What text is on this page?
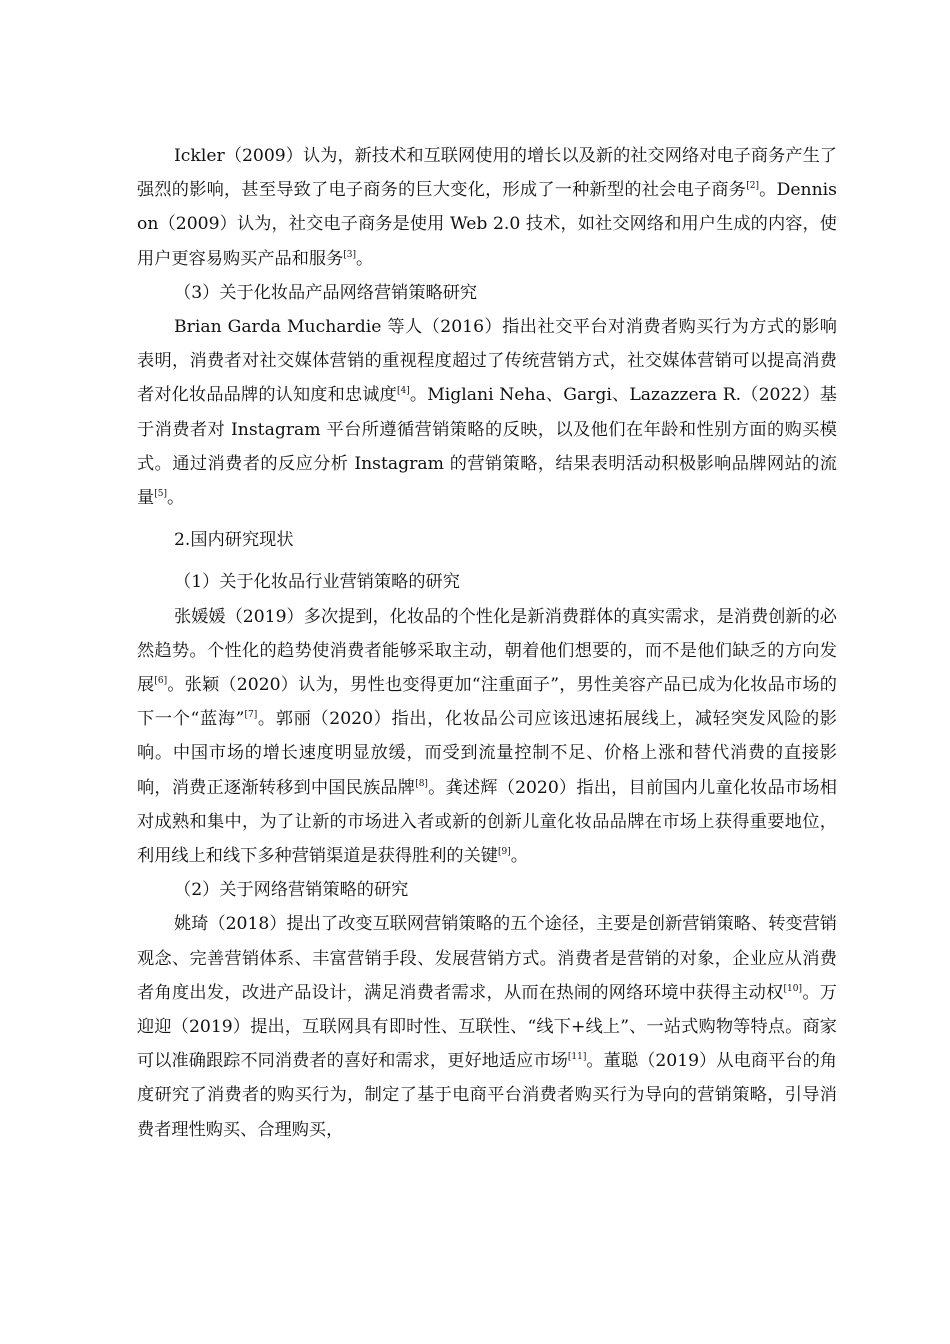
Ickler（2009）认为，新技术和互联网使用的增长以及新的社交网络对电子商务产生了强烈的影响，甚至导致了电子商务的巨大变化，形成了一种新型的社会电子商务[2]。Dennison（2009）认为，社交电子商务是使用 Web 2.0 技术，如社交网络和用户生成的内容，使用户更容易购买产品和服务[3]。

（3）关于化妆品产品网络营销策略研究

Brian Garda Muchardie 等人（2016）指出社交平台对消费者购买行为方式的影响表明，消费者对社交媒体营销的重视程度超过了传统营销方式，社交媒体营销可以提高消费者对化妆品品牌的认知度和忠诚度[4]。Miglani Neha、Gargi、Lazazzera R.（2022）基于消费者对 Instagram 平台所遵循营销策略的反映，以及他们在年龄和性别方面的购买模式。通过消费者的反应分析 Instagram 的营销策略，结果表明活动积极影响品牌网站的流量[5]。

2.国内研究现状

（1）关于化妆品行业营销策略的研究

张媛媛（2019）多次提到，化妆品的个性化是新消费群体的真实需求，是消费创新的必然趋势。个性化的趋势使消费者能够采取主动，朝着他们想要的，而不是他们缺乏的方向发展[6]。张颖（2020）认为，男性也变得更加“注重面子”，男性美容产品已成为化妆品市场的下一个“蓝海”[7]。郭丽（2020）指出，化妆品公司应该迅速拓展线上，减轻突发风险的影响。中国市场的增长速度明显放缓，而受到流量控制不足、价格上涨和替代消费的直接影响，消费正逐渐转移到中国民族品牌[8]。龚述辉（2020）指出，目前国内儿童化妆品市场相对成熟和集中，为了让新的市场进入者或新的创新儿童化妆品品牌在市场上获得重要地位，利用线上和线下多种营销渠道是获得胜利的关键[9]。

（2）关于网络营销策略的研究

姚琦（2018）提出了改变互联网营销策略的五个途径，主要是创新营销策略、转变营销观念、完善营销体系、丰富营销手段、发展营销方式。消费者是营销的对象，企业应从消费者角度出发，改进产品设计，满足消费者需求，从而在热闹的网络环境中获得主动权[10]。万迎迎（2019）提出，互联网具有即时性、互联性、“线下+线上”、一站式购物等特点。商家可以准确跟踪不同消费者的喜好和需求，更好地适应市场[11]。董聪（2019）从电商平台的角度研究了消费者的购买行为，制定了基于电商平台消费者购买行为导向的营销策略，引导消费者理性购买、合理购买，
